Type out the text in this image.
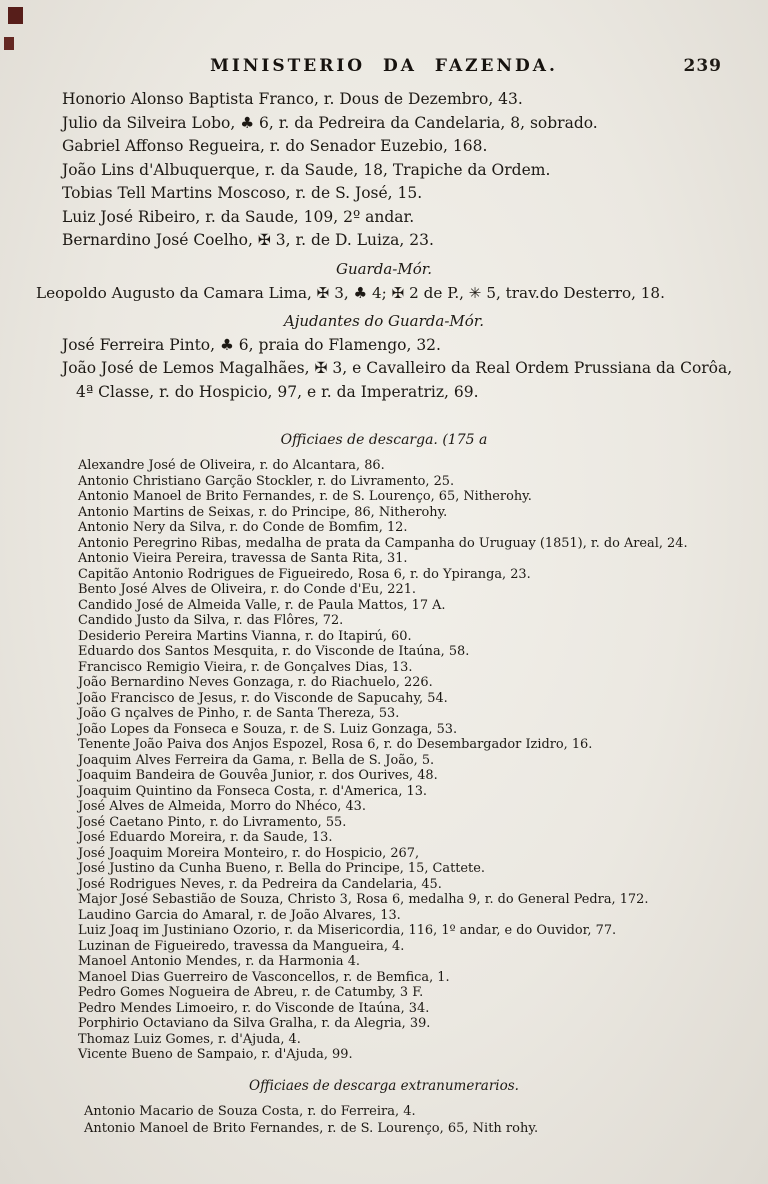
MINISTERIO DA FAZENDA.	239

Honorio Alonso Baptista Franco, r. Dous de Dezembro, 43.

Julio da Silveira Lobo, ♣ 6, r. da Pedreira da Candelaria, 8, sobrado.

Gabriel Affonso Regueira, r. do Senador Euzebio, 168.

João Lins d'Albuquerque, r. da Saude, 18, Trapiche da Ordem.

Tobias Tell Martins Moscoso, r. de S. José, 15.

Luiz José Ribeiro, r. da Saude, 109, 2º andar.

Bernardino José Coelho, ✠ 3, r. de D. Luiza, 23.

Guarda-Mór.

Leopoldo Augusto da Camara Lima, ✠ 3, ♣ 4; ✠ 2 de P., ✳ 5, trav.do Desterro, 18.

Ajudantes do Guarda-Mór.

José Ferreira Pinto, ♣ 6, praia do Flamengo, 32.

João José de Lemos Magalhães, ✠ 3, e Cavalleiro da Real Ordem Prussiana da Corôa, 4ª Classe, r. do Hospicio, 97, e r. da Imperatriz, 69.

Officiaes de descarga. (175 a

Alexandre José de Oliveira, r. do Alcantara, 86.

Antonio Christiano Garção Stockler, r. do Livramento, 25.

Antonio Manoel de Brito Fernandes, r. de S. Lourenço, 65, Nitherohy.

Antonio Martins de Seixas, r. do Principe, 86, Nitherohy.

Antonio Nery da Silva, r. do Conde de Bomfim, 12.

Antonio Peregrino Ribas, medalha de prata da Campanha do Uruguay (1851), r. do Areal, 24.

Antonio Vieira Pereira, travessa de Santa Rita, 31.

Capitão Antonio Rodrigues de Figueiredo, Rosa 6, r. do Ypiranga, 23.

Bento José Alves de Oliveira, r. do Conde d'Eu, 221.

Candido José de Almeida Valle, r. de Paula Mattos, 17 A.

Candido Justo da Silva, r. das Flôres, 72.

Desiderio Pereira Martins Vianna, r. do Itapirú, 60.

Eduardo dos Santos Mesquita, r. do Visconde de Itaúna, 58.

Francisco Remigio Vieira, r. de Gonçalves Dias, 13.

João Bernardino Neves Gonzaga, r. do Riachuelo, 226.

João Francisco de Jesus, r. do Visconde de Sapucahy, 54.

João G nçalves de Pinho, r. de Santa Thereza, 53.

João Lopes da Fonseca e Souza, r. de S. Luiz Gonzaga, 53.

Tenente João Paiva dos Anjos Espozel, Rosa 6, r. do Desembargador Izidro, 16.

Joaquim Alves Ferreira da Gama, r. Bella de S. João, 5.

Joaquim Bandeira de Gouvêa Junior, r. dos Ourives, 48.

Joaquim Quintino da Fonseca Costa, r. d'America, 13.

José Alves de Almeida, Morro do Nhéco, 43.

José Caetano Pinto, r. do Livramento, 55.

José Eduardo Moreira, r. da Saude, 13.

José Joaquim Moreira Monteiro, r. do Hospicio, 267,

José Justino da Cunha Bueno, r. Bella do Principe, 15, Cattete.

José Rodrigues Neves, r. da Pedreira da Candelaria, 45.

Major José Sebastião de Souza, Christo 3, Rosa 6, medalha 9, r. do General Pedra, 172.

Laudino Garcia do Amaral, r. de João Alvares, 13.

Luiz Joaq im Justiniano Ozorio, r. da Misericordia, 116, 1º andar, e do Ouvidor, 77.

Luzinan de Figueiredo, travessa da Mangueira, 4.

Manoel Antonio Mendes, r. da Harmonia 4.

Manoel Dias Guerreiro de Vasconcellos, r. de Bemfica, 1.

Pedro Gomes Nogueira de Abreu, r. de Catumby, 3 F.

Pedro Mendes Limoeiro, r. do Visconde de Itaúna, 34.

Porphirio Octaviano da Silva Gralha, r. da Alegria, 39.

Thomaz Luiz Gomes, r. d'Ajuda, 4.

Vicente Bueno de Sampaio, r. d'Ajuda, 99.

Officiaes de descarga extranumerarios.

Antonio Macario de Souza Costa, r. do Ferreira, 4.

Antonio Manoel de Brito Fernandes, r. de S. Lourenço, 65, Nith rohy.
